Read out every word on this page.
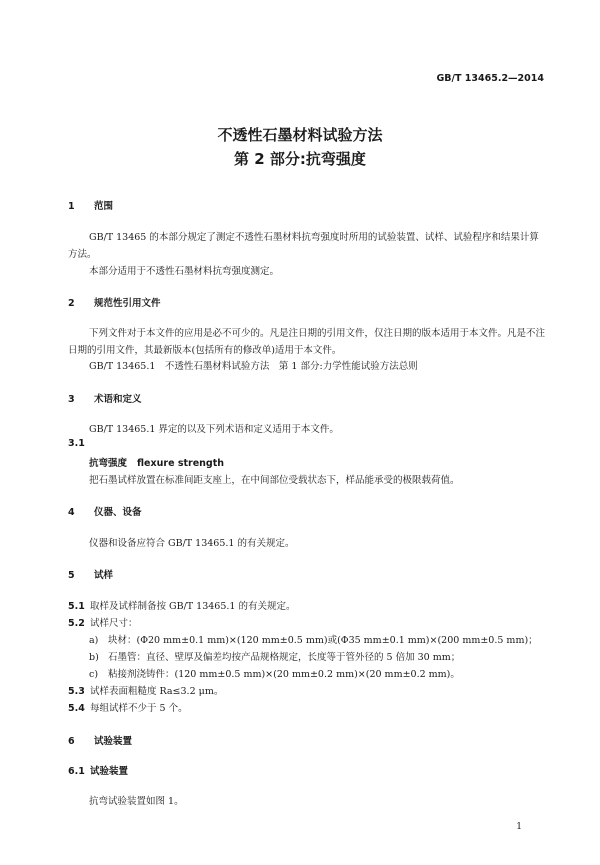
GB/T 13465.2—2014
不透性石墨材料试验方法
第 2 部分:抗弯强度
1 范围
GB/T 13465 的本部分规定了测定不透性石墨材料抗弯强度时所用的试验装置、试样、试验程序和结果计算方法。
本部分适用于不透性石墨材料抗弯强度测定。
2 规范性引用文件
下列文件对于本文件的应用是必不可少的。凡是注日期的引用文件，仅注日期的版本适用于本文件。凡是不注日期的引用文件，其最新版本(包括所有的修改单)适用于本文件。
GB/T 13465.1　不透性石墨材料试验方法　第 1 部分:力学性能试验方法总则
3 术语和定义
GB/T 13465.1 界定的以及下列术语和定义适用于本文件。
3.1
抗弯强度 flexure strength
把石墨试样放置在标准间距支座上，在中间部位受载状态下，样品能承受的极限载荷值。
4 仪器、设备
仪器和设备应符合 GB/T 13465.1 的有关规定。
5 试样
5.1 取样及试样制备按 GB/T 13465.1 的有关规定。
5.2 试样尺寸：
a) 块材：(Φ20 mm±0.1 mm)×(120 mm±0.5 mm)或(Φ35 mm±0.1 mm)×(200 mm±0.5 mm)；
b) 石墨管：直径、壁厚及偏差均按产品规格规定，长度等于管外径的 5 倍加 30 mm；
c) 粘接剂浇铸件：(120 mm±0.5 mm)×(20 mm±0.2 mm)×(20 mm±0.2 mm)。
5.3 试样表面粗糙度 Ra≤3.2 μm。
5.4 每组试样不少于 5 个。
6 试验装置
6.1 试验装置
抗弯试验装置如图 1。
1
